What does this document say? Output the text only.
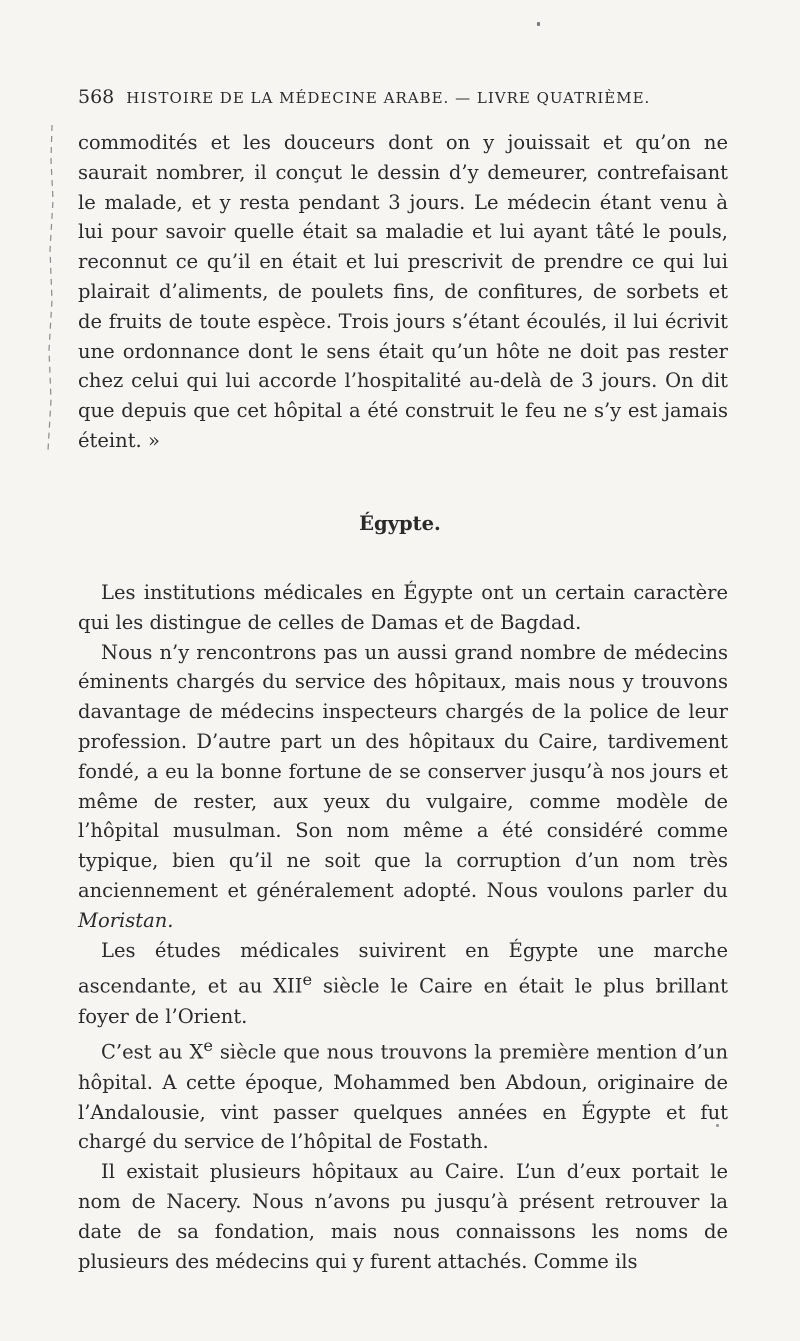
568 HISTOIRE DE LA MÉDECINE ARABE. — LIVRE QUATRIÈME.

commodités et les douceurs dont on y jouissait et qu’on ne saurait nombrer, il conçut le dessin d’y demeurer, contrefaisant le malade, et y resta pendant 3 jours. Le médecin étant venu à lui pour savoir quelle était sa maladie et lui ayant tâté le pouls, reconnut ce qu’il en était et lui prescrivit de prendre ce qui lui plairait d’aliments, de poulets fins, de confitures, de sorbets et de fruits de toute espèce. Trois jours s’étant écoulés, il lui écrivit une ordonnance dont le sens était qu’un hôte ne doit pas rester chez celui qui lui accorde l’hospitalité au-delà de 3 jours. On dit que depuis que cet hôpital a été construit le feu ne s’y est jamais éteint. »

Égypte.

Les institutions médicales en Égypte ont un certain caractère qui les distingue de celles de Damas et de Bagdad.

Nous n’y rencontrons pas un aussi grand nombre de médecins éminents chargés du service des hôpitaux, mais nous y trouvons davantage de médecins inspecteurs chargés de la police de leur profession. D’autre part un des hôpitaux du Caire, tardivement fondé, a eu la bonne fortune de se conserver jusqu’à nos jours et même de rester, aux yeux du vulgaire, comme modèle de l’hôpital musulman. Son nom même a été considéré comme typique, bien qu’il ne soit que la corruption d’un nom très anciennement et généralement adopté. Nous voulons parler du Moristan.

Les études médicales suivirent en Égypte une marche ascendante, et au XIIe siècle le Caire en était le plus brillant foyer de l’Orient.

C’est au Xe siècle que nous trouvons la première mention d’un hôpital. A cette époque, Mohammed ben Abdoun, originaire de l’Andalousie, vint passer quelques années en Égypte et fut chargé du service de l’hôpital de Fostath.

Il existait plusieurs hôpitaux au Caire. L’un d’eux portait le nom de Nacery. Nous n’avons pu jusqu’à présent retrouver la date de sa fondation, mais nous connaissons les noms de plusieurs des médecins qui y furent attachés. Comme ils
